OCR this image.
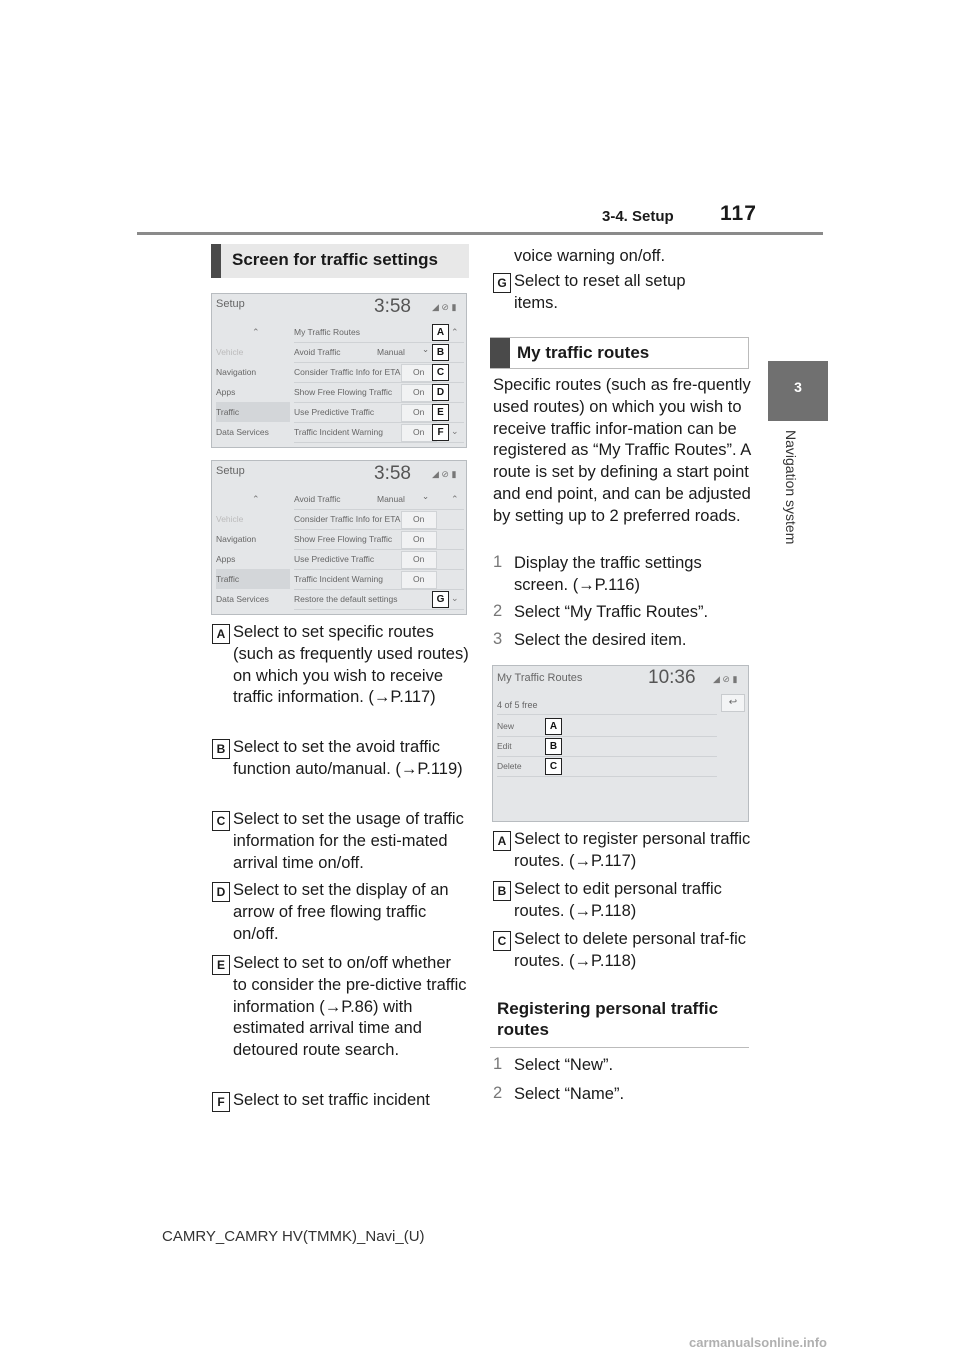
3-4. Setup 117
3
Navigation system
Screen for traffic settings
Setup	3:58 ◢ ⊘ ▮
⌃
Vehicle
Navigation
Apps
Traffic
Data Services
My Traffic Routes	A
Avoid Traffic	Manual ⌄ B
Consider Traffic Info for ETA	On	C
Show Free Flowing Traffic	On	D
Use Predictive Traffic	On	E
Traffic Incident Warning	On	F
⌃
⌄
Setup	3:58 ◢ ⊘ ▮
⌃
Vehicle
Navigation
Apps
Traffic
Data Services
Avoid Traffic	Manual ⌄
Consider Traffic Info for ETA	On
Show Free Flowing Traffic	On
Use Predictive Traffic	On
Traffic Incident Warning	On
Restore the default settings	G
⌃
⌄
A Select to set specific routes (such as frequently used routes) on which you wish to receive traffic information. (→P.117)
B Select to set the avoid traffic function auto/manual. (→P.119)
C Select to set the usage of traffic information for the esti-mated arrival time on/off.
D Select to set the display of an arrow of free flowing traffic on/off.
E Select to set to on/off whether to consider the pre-dictive traffic information (→P.86) with estimated arrival time and detoured route search.
F Select to set traffic incident
voice warning on/off.
G Select to reset all setup items.
My traffic routes
Specific routes (such as fre-quently used routes) on which you wish to receive traffic infor-mation can be registered as “My Traffic Routes”. A route is set by defining a start point and end point, and can be adjusted by setting up to 2 preferred roads.
1 Display the traffic settings screen. (→P.116)
2 Select “My Traffic Routes”.
3 Select the desired item.
My Traffic Routes	10:36 ◢ ⊘ ▮
4 of 5 free	↩
New	A
Edit	B
Delete	C
A Select to register personal traffic routes. (→P.117)
B Select to edit personal traffic routes. (→P.118)
C Select to delete personal traf-fic routes. (→P.118)
Registering personal traffic routes
1 Select “New”.
2 Select “Name”.
CAMRY_CAMRY HV(TMMK)_Navi_(U)
carmanualsonline.info
